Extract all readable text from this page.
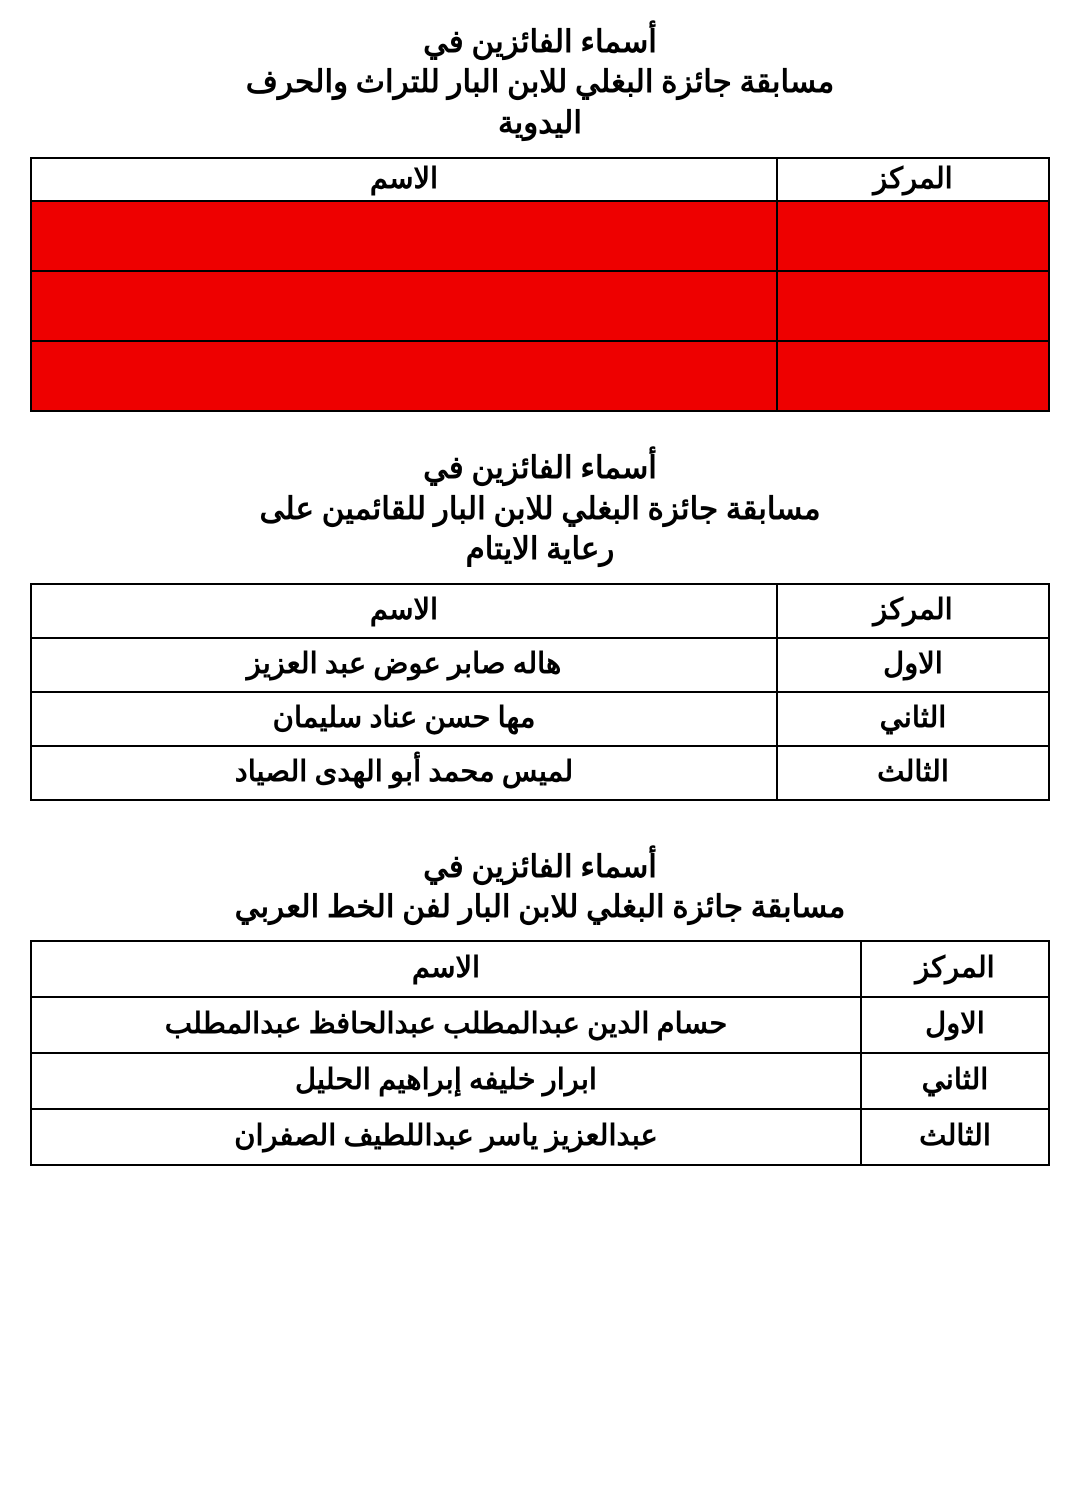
أسماء الفائزين في
مسابقة جائزة البغلي للابن البار للتراث والحرف
اليدوية
المركز	الاسم

أسماء الفائزين في
مسابقة جائزة البغلي للابن البار للقائمين على
رعاية الايتام
المركز	الاسم
الاول	هاله صابر عوض عبد العزيز
الثاني	مها حسن عناد سليمان
الثالث	لميس محمد أبو الهدى الصياد
أسماء الفائزين في
مسابقة جائزة البغلي للابن البار لفن الخط العربي
المركز	الاسم
الاول	حسام الدين عبدالمطلب عبدالحافظ عبدالمطلب
الثاني	ابرار خليفه إبراهيم الحليل
الثالث	عبدالعزيز ياسر عبداللطيف الصفران
